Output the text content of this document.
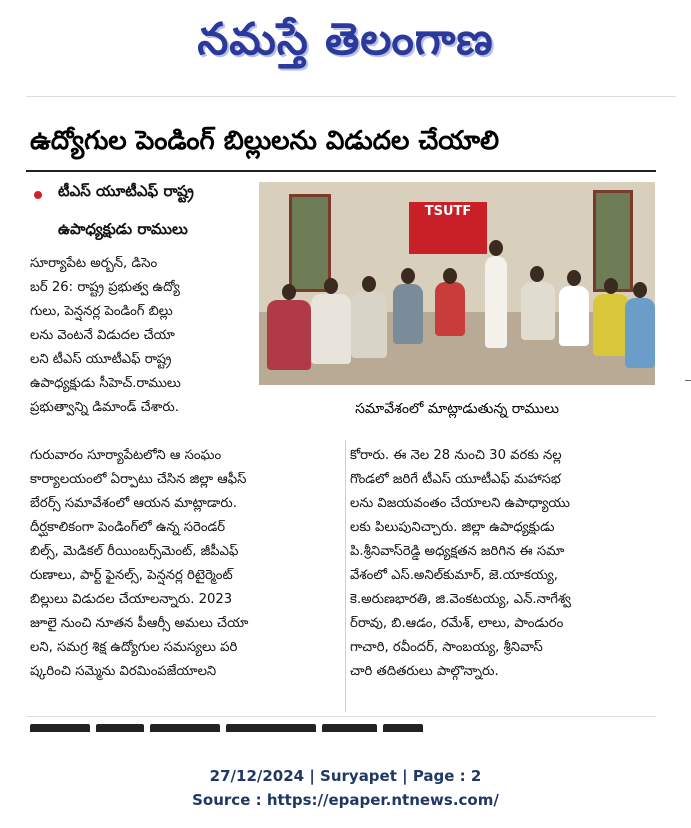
నమస్తే తెలంగాణ
ఉద్యోగుల పెండింగ్ బిల్లులను విడుదల చేయాలి
టీఎస్ యూటీఎఫ్ రాష్ట్ర
ఉపాధ్యక్షుడు రాములు
సూర్యాపేట అర్బన్, డిసెం
బర్ 26: రాష్ట్ర ప్రభుత్వ ఉద్యో
గులు, పెన్షనర్ల పెండింగ్ బిల్లు
లను వెంటనే విడుదల చేయా
లని టీఎస్ యూటీఎఫ్ రాష్ట్ర
ఉపాధ్యక్షుడు సీహెచ్.రాములు
ప్రభుత్వాన్ని డిమాండ్ చేశారు.
TSUTF
సమావేశంలో మాట్లాడుతున్న రాములు
గురువారం సూర్యాపేటలోని ఆ సంఘం
కార్యాలయంలో ఏర్పాటు చేసిన జిల్లా ఆఫీస్
బేరర్స్ సమావేశంలో ఆయన మాట్లాడారు.
దీర్ఘకాలికంగా పెండింగ్‌లో ఉన్న సరెండర్
బిల్స్, మెడికల్ రీయింబర్స్‌మెంట్, జీపీఎఫ్
రుణాలు, పార్ట్ ఫైనల్స్, పెన్షనర్ల రిటైర్మెంట్
బిల్లులు విడుదల చేయాలన్నారు. 2023
జూలై నుంచి నూతన పీఆర్సీ అమలు చేయా
లని, సమగ్ర శిక్ష ఉద్యోగుల సమస్యలు పరి
ష్కరించి సమ్మెను విరమింపజేయాలని
కోరారు. ఈ నెల 28 నుంచి 30 వరకు నల్ల
గొండలో జరిగే టీఎస్ యూటీఎఫ్ మహాసభ
లను విజయవంతం చేయాలని ఉపాధ్యాయు
లకు పిలుపునిచ్చారు. జిల్లా ఉపాధ్యక్షుడు
పి.శ్రీనివాస్‌రెడ్డి అధ్యక్షతన జరిగిన ఈ సమా
వేశంలో ఎస్.అనిల్‌కుమార్, జె.యాకయ్య,
కె.అరుణభారతి, జి.వెంకటయ్య, ఎన్.నాగేశ్వ
ర్‌రావు, బి.ఆడం, రమేశ్, లాలు, పాండురం
గాచారి, రవీందర్, సాంబయ్య, శ్రీనివాస్
చారి తదితరులు పాల్గొన్నారు.
27/12/2024 | Suryapet | Page : 2
Source : https://epaper.ntnews.com/
